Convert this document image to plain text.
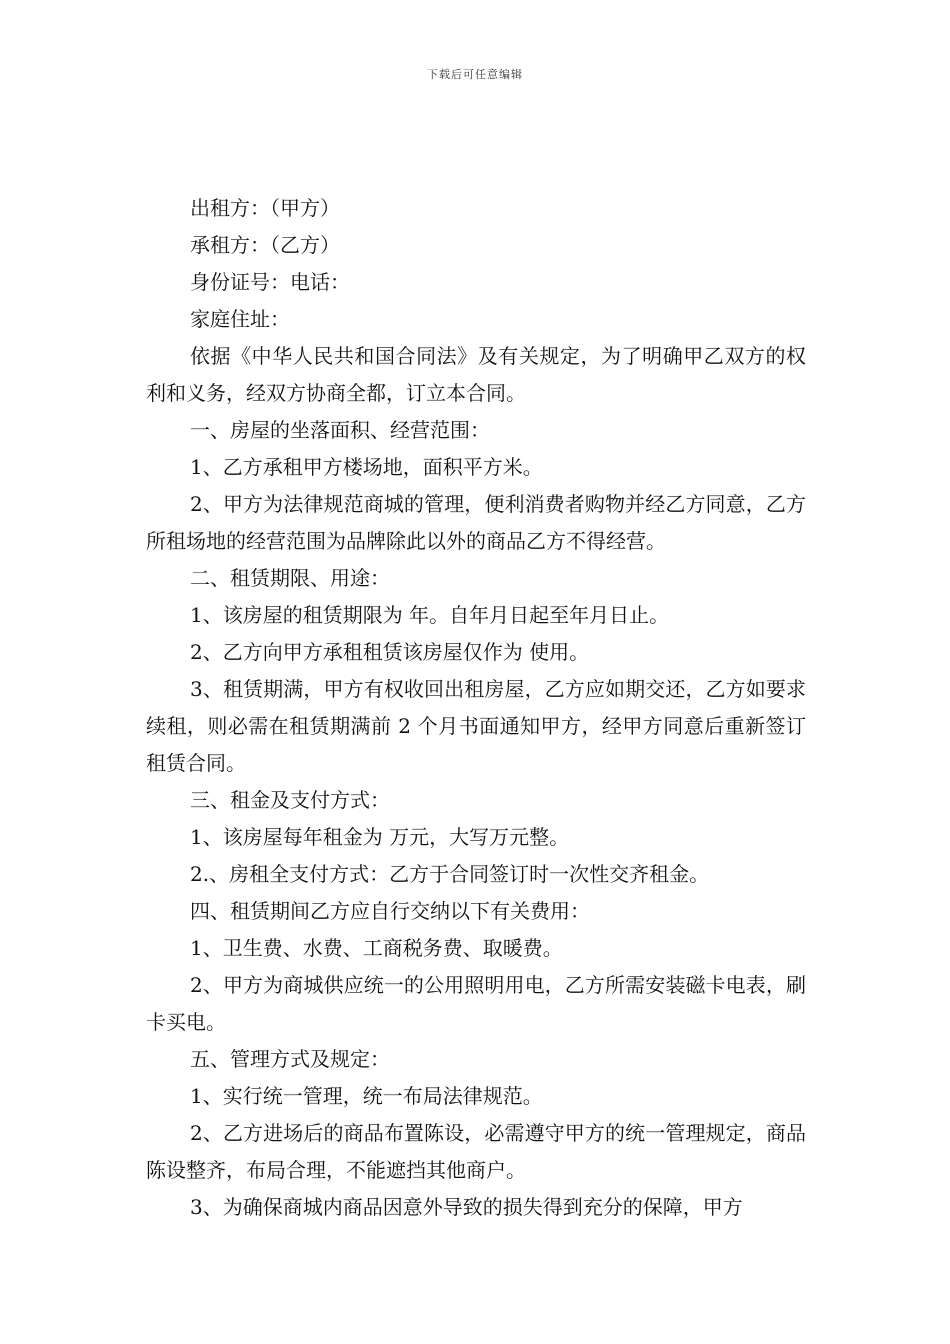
下载后可任意编辑

出租方：（甲方）

承租方：（乙方）

身份证号：电话：

家庭住址：

依据《中华人民共和国合同法》及有关规定，为了明确甲乙双方的权利和义务，经双方协商全都，订立本合同。

一、房屋的坐落面积、经营范围：

1、乙方承租甲方楼场地，面积平方米。

2、甲方为法律规范商城的管理，便利消费者购物并经乙方同意，乙方所租场地的经营范围为品牌除此以外的商品乙方不得经营。

二、租赁期限、用途：

1、该房屋的租赁期限为 年。自年月日起至年月日止。

2、乙方向甲方承租租赁该房屋仅作为 使用。

3、租赁期满，甲方有权收回出租房屋，乙方应如期交还，乙方如要求续租，则必需在租赁期满前 2 个月书面通知甲方，经甲方同意后重新签订租赁合同。

三、租金及支付方式：

1、该房屋每年租金为 万元，大写万元整。

2.、房租全支付方式：乙方于合同签订时一次性交齐租金。

四、租赁期间乙方应自行交纳以下有关费用：

1、卫生费、水费、工商税务费、取暖费。

2、甲方为商城供应统一的公用照明用电，乙方所需安装磁卡电表，刷卡买电。

五、管理方式及规定：

1、实行统一管理，统一布局法律规范。

2、乙方进场后的商品布置陈设，必需遵守甲方的统一管理规定，商品陈设整齐，布局合理，不能遮挡其他商户。

3、为确保商城内商品因意外导致的损失得到充分的保障，甲方
